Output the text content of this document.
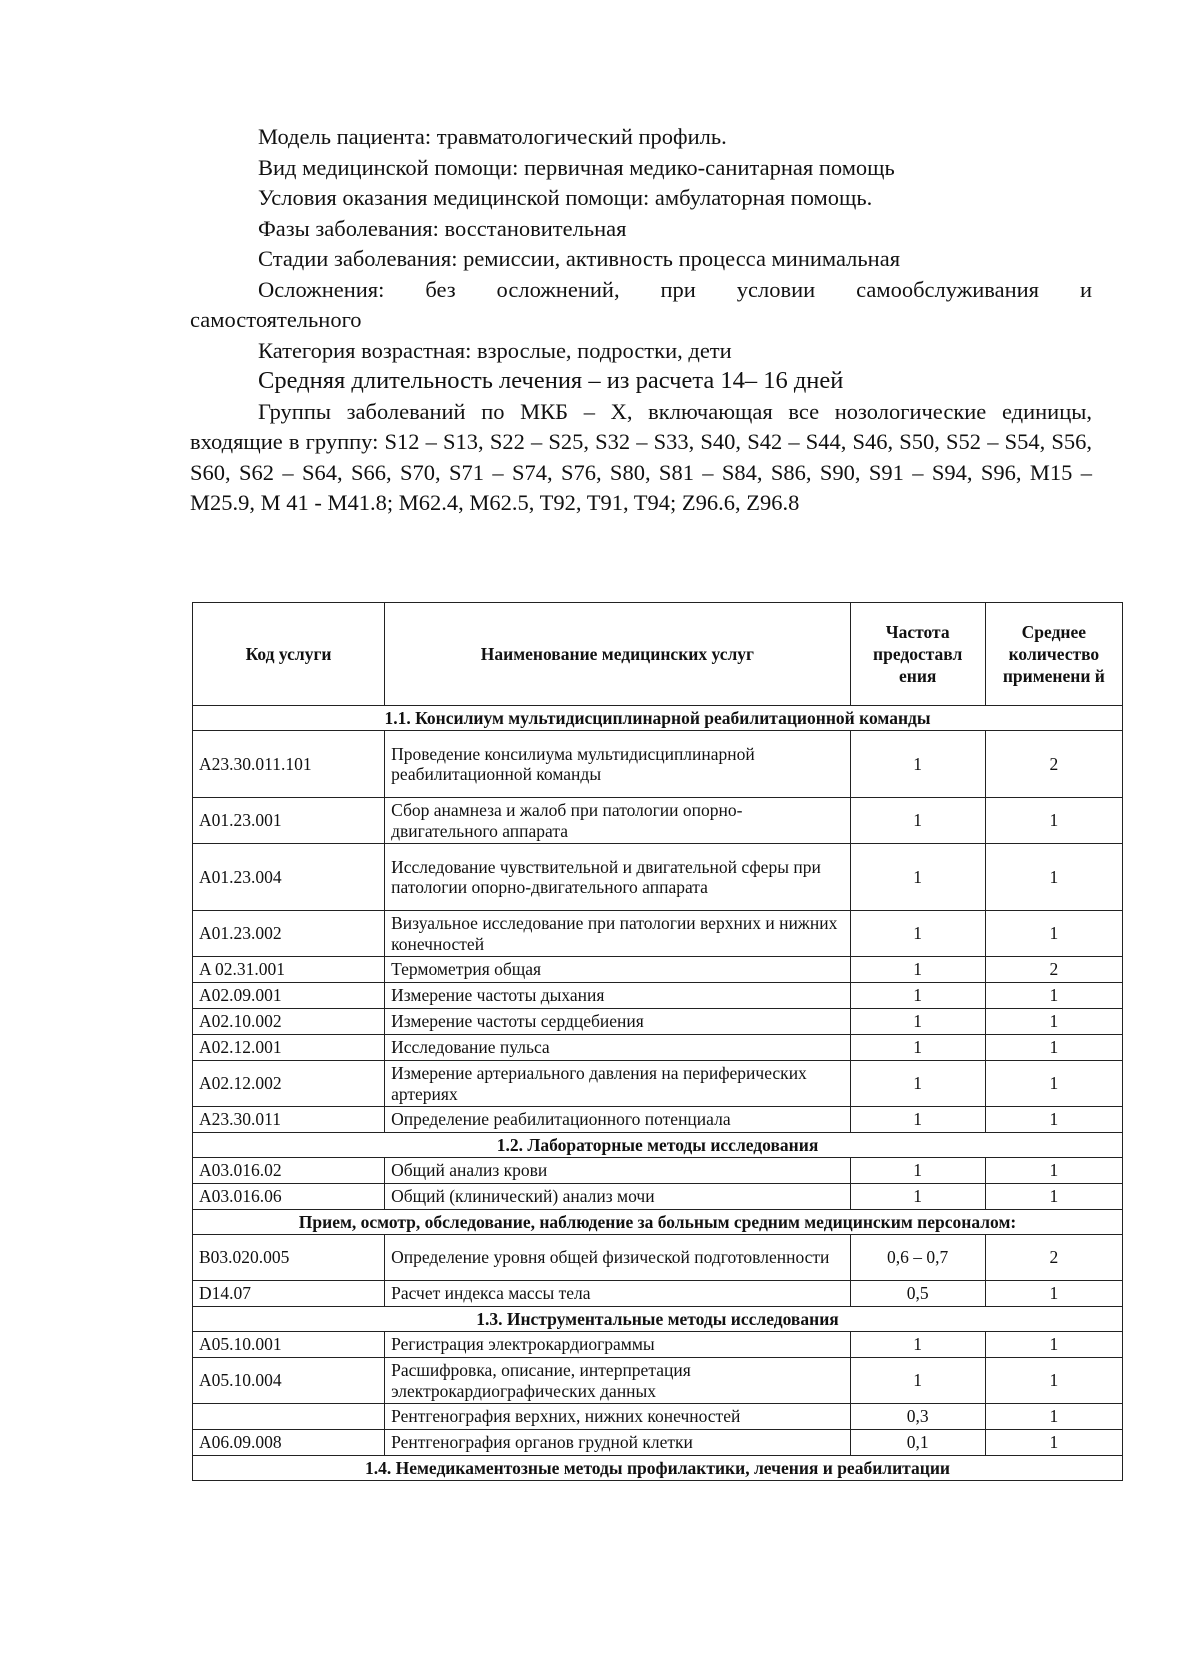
Модель пациента: травматологический профиль.

Вид медицинской помощи: первичная медико-санитарная помощь

Условия оказания медицинской помощи: амбулаторная помощь.

Фазы заболевания: восстановительная

Стадии заболевания: ремиссии, активность процесса минимальная

Осложнения: без осложнений, при условии самообслуживания и

самостоятельного

Категория возрастная: взрослые, подростки, дети

Средняя длительность лечения – из расчета 14– 16 дней

Группы заболеваний по МКБ – Х, включающая все нозологические единицы, входящие в группу: S12 – S13, S22 – S25, S32 – S33, S40, S42 – S44, S46, S50, S52 – S54, S56, S60, S62 – S64, S66, S70, S71 – S74, S76, S80, S81 – S84, S86, S90, S91 – S94, S96, M15 – M25.9, M 41 - M41.8; M62.4, M62.5, T92, T91, T94; Z96.6, Z96.8

Код услуги	Наименование медицинских услуг	Частота предоставл ения	Среднее количество применени й
1.1. Консилиум мультидисциплинарной реабилитационной команды			
A23.30.011.101	Проведение консилиума мультидисциплинарной реабилитационной команды	1	2
A01.23.001	Сбор анамнеза и жалоб при патологии опорно-двигательного аппарата	1	1
A01.23.004	Исследование чувствительной и двигательной сферы при патологии опорно-двигательного аппарата	1	1
A01.23.002	Визуальное исследование при патологии верхних и нижних конечностей	1	1
A 02.31.001	Термометрия общая	1	2
A02.09.001	Измерение частоты дыхания	1	1
A02.10.002	Измерение частоты сердцебиения	1	1
A02.12.001	Исследование пульса	1	1
A02.12.002	Измерение артериального давления на периферических артериях	1	1
A23.30.011	Определение реабилитационного потенциала	1	1
1.2. Лабораторные методы исследования			
A03.016.02	Общий анализ крови	1	1
A03.016.06	Общий (клинический) анализ мочи	1	1
Прием, осмотр, обследование, наблюдение за больным средним медицинским персоналом:			
B03.020.005	Определение уровня общей физической подготовленности	0,6 – 0,7	2
D14.07	Расчет индекса массы тела	0,5	1
1.3. Инструментальные методы исследования			
A05.10.001	Регистрация электрокардиограммы	1	1
A05.10.004	Расшифровка, описание, интерпретация электрокардиографических данных	1	1
	Рентгенография верхних, нижних конечностей	0,3	1
A06.09.008	Рентгенография органов грудной клетки	0,1	1
1.4. Немедикаментозные методы профилактики, лечения и реабилитации			
